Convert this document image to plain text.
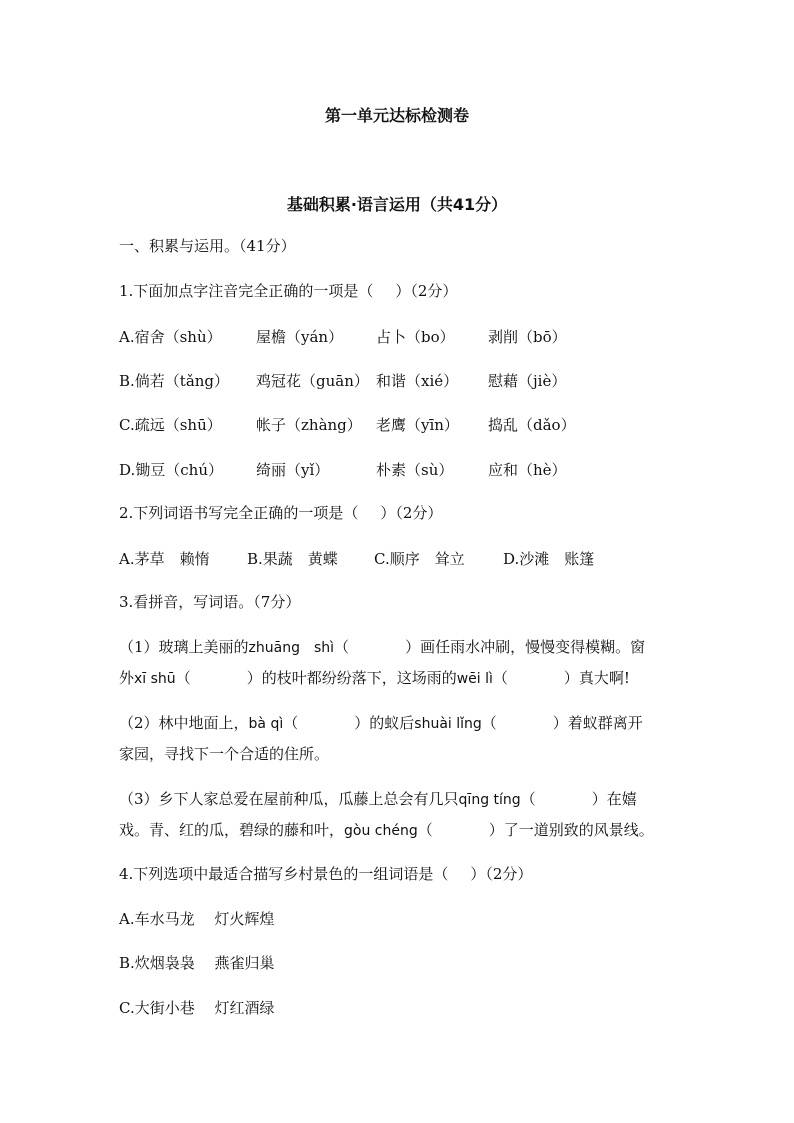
第一单元达标检测卷
基础积累·语言运用（共41分）
一、积累与运用。（41分）
1.下面加点字注音完全正确的一项是（ ）（2分）
A.宿舍（shù） 屋檐（yán） 占卜（bo） 剥削（bō）
B.倘若（tǎng） 鸡冠花（guān） 和谐（xié） 慰藉（jiè）
C.疏远（shū） 帐子（zhàng） 老鹰（yīn） 捣乱（dǎo）
D.锄豆（chú） 绮丽（yǐ）	朴素（sù） 应和（hè）
2.下列词语书写完全正确的一项是（ ）（2分）
A.茅草　赖惰 B.果蔬　黄蝶 C.顺序　耸立	D.沙滩　账篷
3.看拼音，写词语。（7分）
（1）玻璃上美丽的zhuāng　shì（	）画任雨水冲刷，慢慢变得模糊。窗
外xī shū（	）的枝叶都纷纷落下，这场雨的wēi lì（	）真大啊!
（2）林中地面上，bà qì（	）的蚁后shuài lǐng（	）着蚁群离开
家园，寻找下一个合适的住所。
（3）乡下人家总爱在屋前种瓜，瓜藤上总会有几只qīng tíng（	）在嬉
戏。青、红的瓜，碧绿的藤和叶，gòu chéng（	）了一道别致的风景线。
4.下列选项中最适合描写乡村景色的一组词语是（ ）（2分）
A.车水马龙　 灯火辉煌
B.炊烟袅袅　 燕雀归巢
C.大街小巷　 灯红酒绿
